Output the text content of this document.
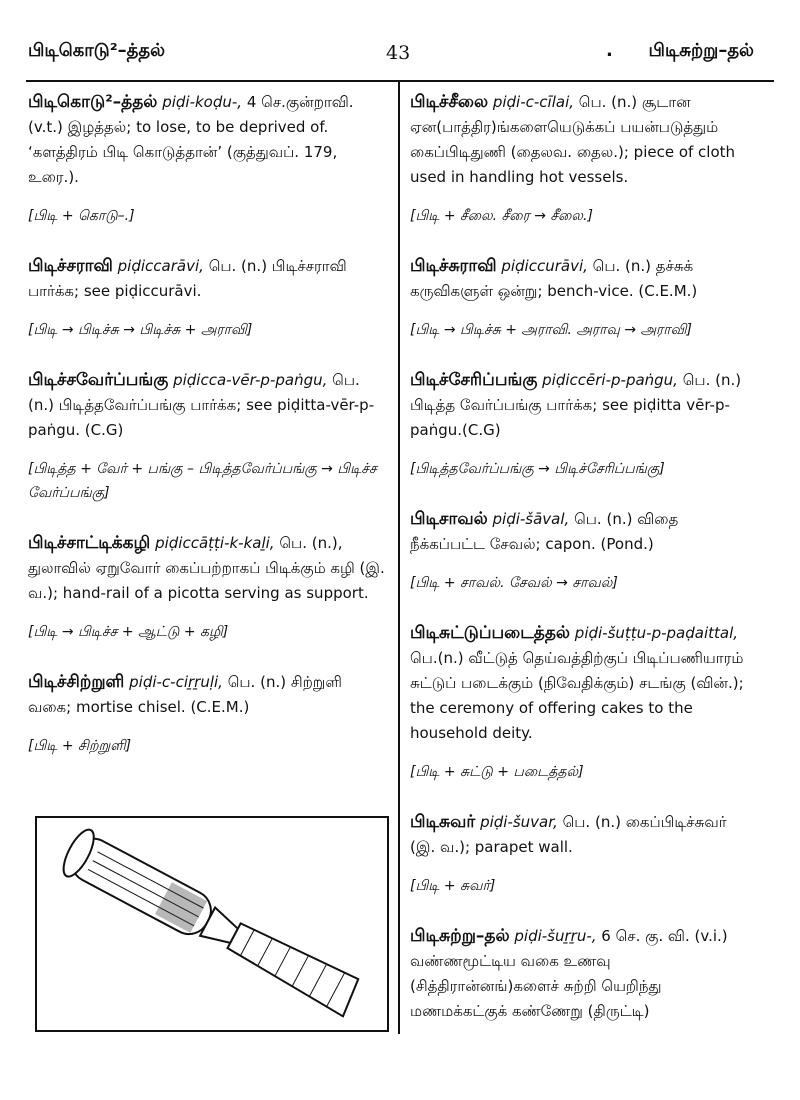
பிடிகொடு²–த்தல்	43	. பிடிசுற்று–தல்

பிடிகொடு²–த்தல் piḍi-koḍu-, 4 செ.குன்றாவி. (v.t.) இழத்தல்; to lose, to be deprived of. ‘களத்திரம் பிடி கொடுத்தான்’ (குத்துவப். 179, உரை.).

[பிடி + கொடு–.]

பிடிச்சராவி piḍiccarāvi, பெ. (n.) பிடிச்சராவி பார்க்க; see piḍiccurāvi.

[பிடி → பிடிச்சு → பிடிச்சு + அராவி]

பிடிச்சவேர்ப்பங்கு piḍicca-vēr-p-paṅgu, பெ. (n.) பிடித்தவேர்ப்பங்கு பார்க்க; see piḍitta-vēr-p-paṅgu. (C.G)

[பிடித்த + வேர் + பங்கு – பிடித்தவேர்ப்பங்கு → பிடிச்ச வேர்ப்பங்கு]

பிடிச்சாட்டிக்கழி piḍiccāṭṭi-k-kaḻi, பெ. (n.), துலாவில் ஏறுவோர் கைப்பற்றாகப் பிடிக்கும் கழி (இ. வ.); hand-rail of a picotta serving as support.

[பிடி → பிடிச்ச + ஆட்டு + கழி]

பிடிச்சிற்றுளி piḍi-c-ciṟṟuḷi, பெ. (n.) சிற்றுளி வகை; mortise chisel. (C.E.M.)

[பிடி + சிற்றுளி]

பிடிச்சீலை piḍi-c-cīlai, பெ. (n.) சூடான ஏன(பாத்திர)ங்களையெடுக்கப் பயன்படுத்தும் கைப்பிடிதுணி (தைலவ. தைல.); piece of cloth used in handling hot vessels.

[பிடி + சீலை. சீரை → சீலை.]

பிடிச்சுராவி piḍiccurāvi, பெ. (n.) தச்சுக் கருவிகளுள் ஒன்று; bench-vice. (C.E.M.)

[பிடி → பிடிச்சு + அராவி. அராவு → அராவி]

பிடிச்சேரிப்பங்கு piḍiccēri-p-paṅgu, பெ. (n.) பிடித்த வேர்ப்பங்கு பார்க்க; see piḍitta vēr-p-paṅgu.(C.G)

[பிடித்தவேர்ப்பங்கு → பிடிச்சேரிப்பங்கு]

பிடிசாவல் piḍi-šāval, பெ. (n.) விதை நீக்கப்பட்ட சேவல்; capon. (Pond.)

[பிடி + சாவல். சேவல் → சாவல்]

பிடிசுட்டுப்படைத்தல் piḍi-šuṭṭu-p-paḍaittal, பெ.(n.) வீட்டுத் தெய்வத்திற்குப் பிடிப்பணியாரம் சுட்டுப் படைக்கும் (நிவேதிக்கும்) சடங்கு (வின்.); the ceremony of offering cakes to the household deity.

[பிடி + சுட்டு + படைத்தல்]

பிடிசுவர் piḍi-šuvar, பெ. (n.) கைப்பிடிச்சுவர் (இ. வ.); parapet wall.

[பிடி + சுவர்]

பிடிசுற்று–தல் piḍi-šuṟṟu-, 6 செ. கு. வி. (v.i.) வண்ணமூட்டிய வகை உணவு (சித்திரான்னங்)களைச் சுற்றி யெறிந்து மணமக்கட்குக் கண்ணேறு (திருட்டி)
